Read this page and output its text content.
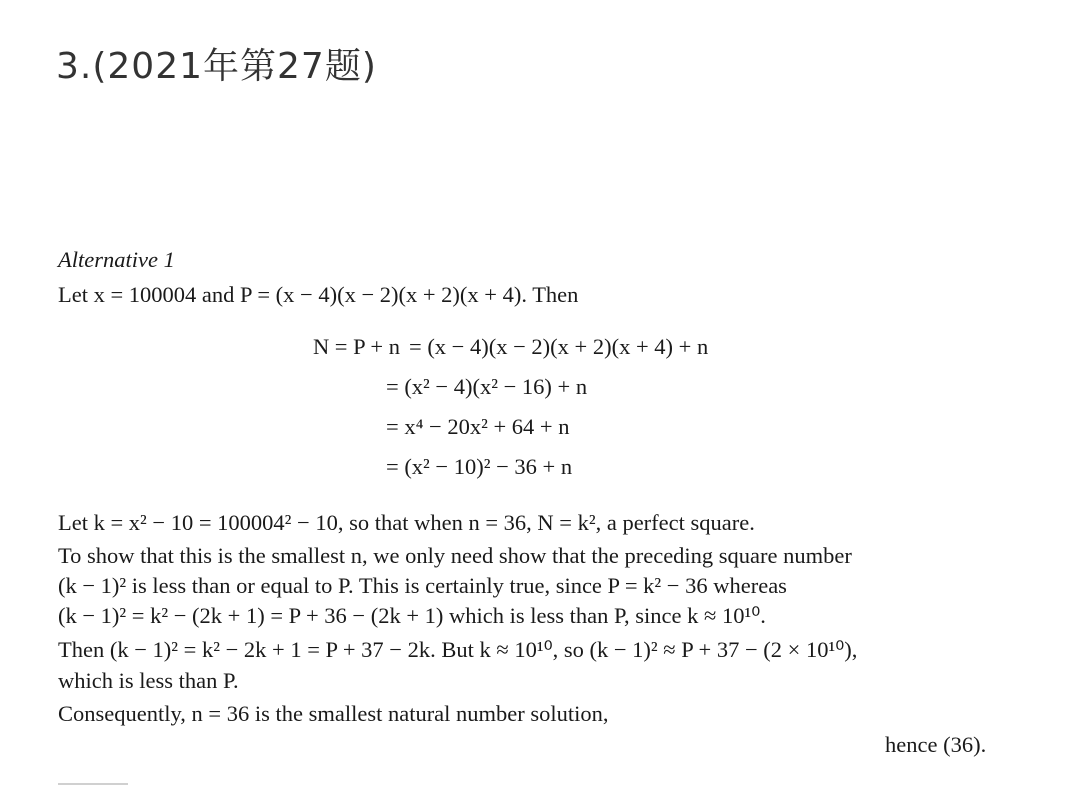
3.(2021年第27题)
Alternative 1
Let x = 100004 and P = (x − 4)(x − 2)(x + 2)(x + 4). Then
N = P + n = (x − 4)(x − 2)(x + 2)(x + 4) + n
= (x² − 4)(x² − 16) + n
= x⁴ − 20x² + 64 + n
= (x² − 10)² − 36 + n
Let k = x² − 10 = 100004² − 10, so that when n = 36, N = k², a perfect square.
To show that this is the smallest n, we only need show that the preceding square number
(k − 1)² is less than or equal to P. This is certainly true, since P = k² − 36 whereas
(k − 1)² = k² − (2k + 1) = P + 36 − (2k + 1) which is less than P, since k ≈ 10¹⁰.
Then (k − 1)² = k² − 2k + 1 = P + 37 − 2k. But k ≈ 10¹⁰, so (k − 1)² ≈ P + 37 − (2 × 10¹⁰),
which is less than P.
Consequently, n = 36 is the smallest natural number solution,
hence (36).
